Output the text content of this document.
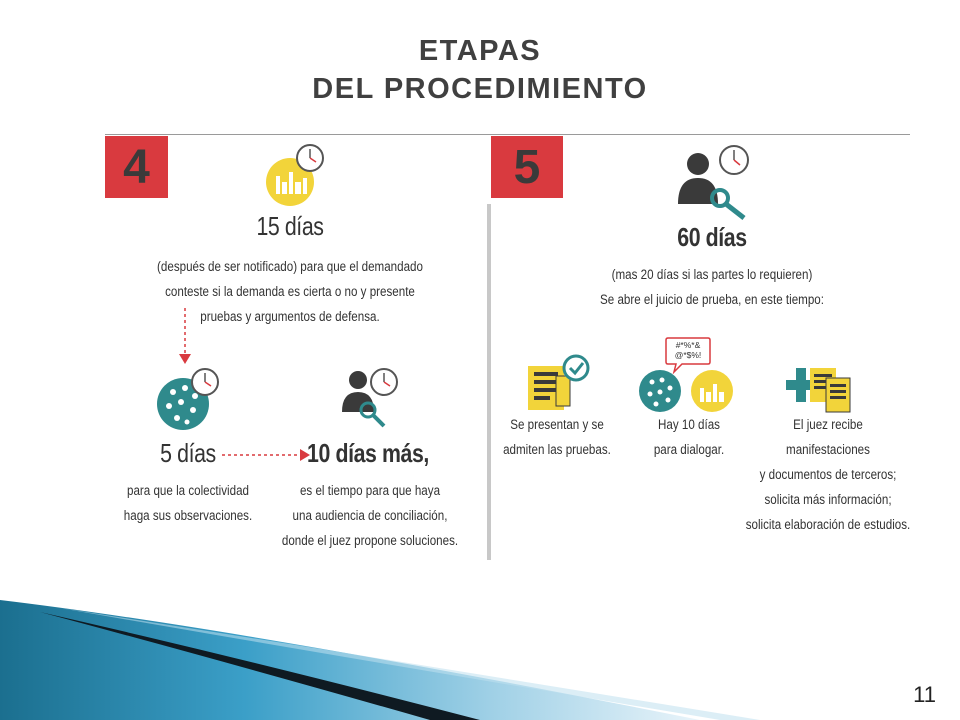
ETAPAS
DEL PROCEDIMIENTO
4
15 días
(después de ser notificado) para que el demandado
conteste si la demanda es cierta o no y presente
pruebas y argumentos de defensa.
5 días	10 días más,
para que la colectividad
haga sus observaciones.
es el tiempo para que haya
una audiencia de conciliación,
donde el juez propone soluciones.
5
60 días
(mas 20 días si las partes lo requieren)
Se abre el juicio de prueba, en este tiempo:
#*%*&
@*$%!
Se presentan y se
admiten las pruebas.
Hay 10 días
para dialogar.
El juez recibe
manifestaciones
y documentos de terceros;
solicita más información;
solicita elaboración de estudios.
11
